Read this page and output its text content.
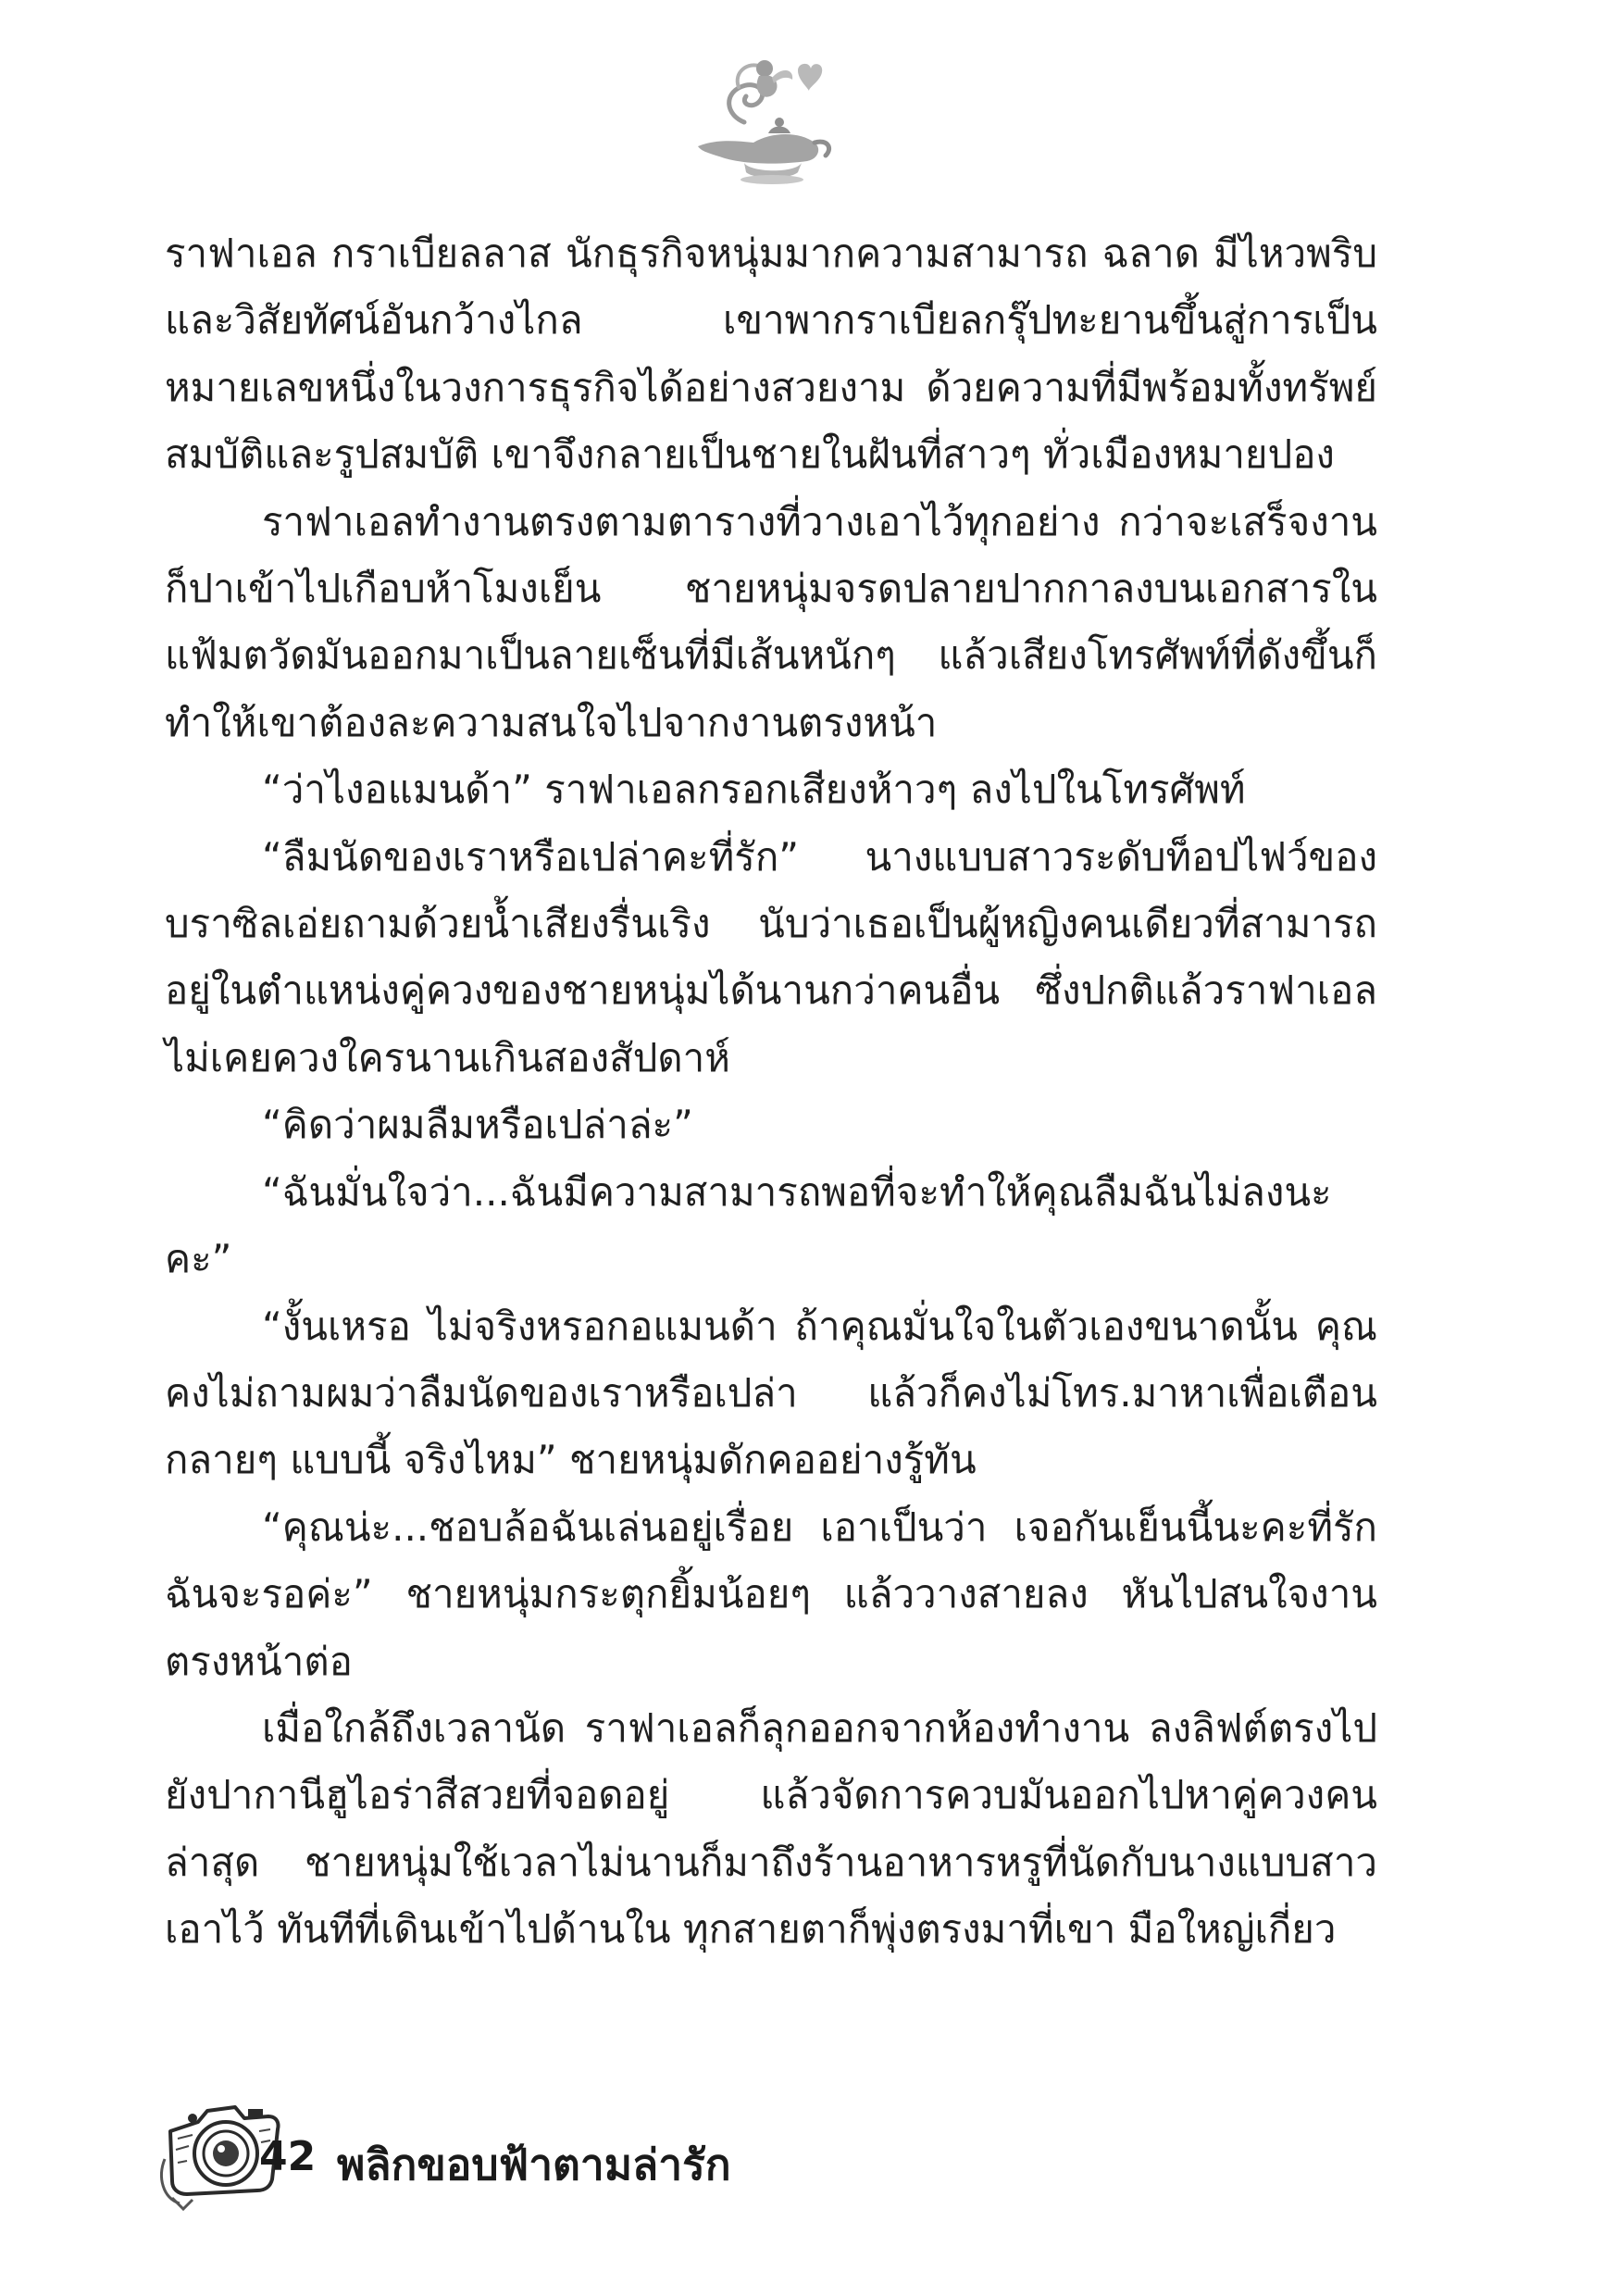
ราฟาเอล กราเบียลลาส นักธุรกิจหนุ่มมากความสามารถ ฉลาด มีไหวพริบและวิสัยทัศน์อันกว้างไกล เขาพากราเบียลกรุ๊ปทะยานขึ้นสู่การเป็นหมายเลขหนึ่งในวงการธุรกิจได้อย่างสวยงาม ด้วยความที่มีพร้อมทั้งทรัพย์สมบัติและรูปสมบัติ เขาจึงกลายเป็นชายในฝันที่สาวๆ ทั่วเมืองหมายปอง

ราฟาเอลทำงานตรงตามตารางที่วางเอาไว้ทุกอย่าง กว่าจะเสร็จงานก็ปาเข้าไปเกือบห้าโมงเย็น ชายหนุ่มจรดปลายปากกาลงบนเอกสารในแฟ้มตวัดมันออกมาเป็นลายเซ็นที่มีเส้นหนักๆ แล้วเสียงโทรศัพท์ที่ดังขึ้นก็ทำให้เขาต้องละความสนใจไปจากงานตรงหน้า

“ว่าไงอแมนด้า” ราฟาเอลกรอกเสียงห้าวๆ ลงไปในโทรศัพท์

“ลืมนัดของเราหรือเปล่าคะที่รัก” นางแบบสาวระดับท็อปไฟว์ของบราซิลเอ่ยถามด้วยน้ำเสียงรื่นเริง นับว่าเธอเป็นผู้หญิงคนเดียวที่สามารถอยู่ในตำแหน่งคู่ควงของชายหนุ่มได้นานกว่าคนอื่น ซึ่งปกติแล้วราฟาเอลไม่เคยควงใครนานเกินสองสัปดาห์

“คิดว่าผมลืมหรือเปล่าล่ะ”

“ฉันมั่นใจว่า...ฉันมีความสามารถพอที่จะทำให้คุณลืมฉันไม่ลงนะคะ”

“งั้นเหรอ ไม่จริงหรอกอแมนด้า ถ้าคุณมั่นใจในตัวเองขนาดนั้น คุณคงไม่ถามผมว่าลืมนัดของเราหรือเปล่า แล้วก็คงไม่โทร.มาหาเพื่อเตือนกลายๆ แบบนี้ จริงไหม” ชายหนุ่มดักคออย่างรู้ทัน

“คุณน่ะ...ชอบล้อฉันเล่นอยู่เรื่อย เอาเป็นว่า เจอกันเย็นนี้นะคะที่รักฉันจะรอค่ะ” ชายหนุ่มกระตุกยิ้มน้อยๆ แล้ววางสายลง หันไปสนใจงานตรงหน้าต่อ

เมื่อใกล้ถึงเวลานัด ราฟาเอลก็ลุกออกจากห้องทำงาน ลงลิฟต์ตรงไปยังปากานีฮูไอร่าสีสวยที่จอดอยู่ แล้วจัดการควบมันออกไปหาคู่ควงคนล่าสุด ชายหนุ่มใช้เวลาไม่นานก็มาถึงร้านอาหารหรูที่นัดกับนางแบบสาวเอาไว้ ทันทีที่เดินเข้าไปด้านใน ทุกสายตาก็พุ่งตรงมาที่เขา มือใหญ่เกี่ยว

42 พลิกขอบฟ้าตามล่ารัก
